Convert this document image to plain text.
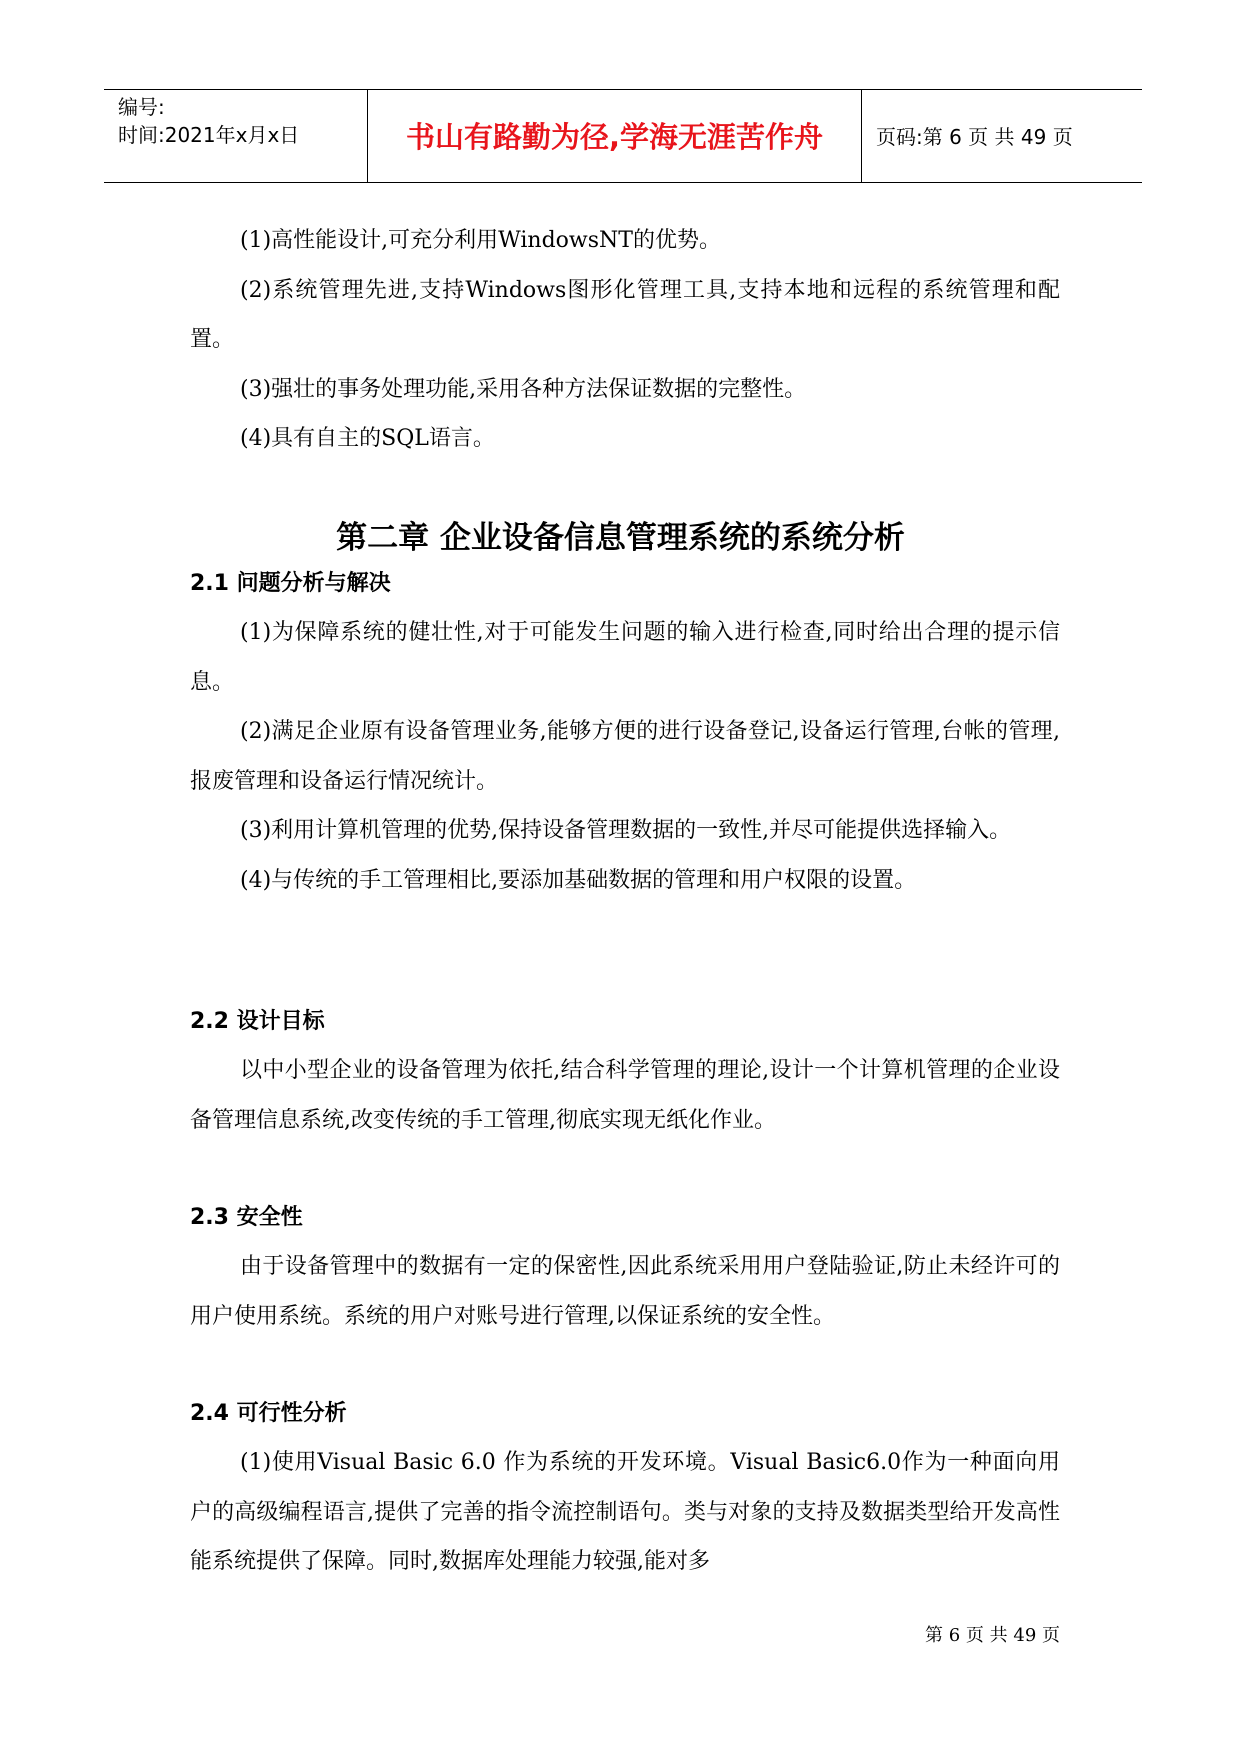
编号:
时间:2021年x月x日	书山有路勤为径,学海无涯苦作舟	页码:第 6 页 共 49 页

(1)高性能设计,可充分利用WindowsNT的优势。

(2)系统管理先进,支持Windows图形化管理工具,支持本地和远程的系统管理和配置。

(3)强壮的事务处理功能,采用各种方法保证数据的完整性。

(4)具有自主的SQL语言。

第二章 企业设备信息管理系统的系统分析
2.1 问题分析与解决

(1)为保障系统的健壮性,对于可能发生问题的输入进行检查,同时给出合理的提示信息。

(2)满足企业原有设备管理业务,能够方便的进行设备登记,设备运行管理,台帐的管理,报废管理和设备运行情况统计。

(3)利用计算机管理的优势,保持设备管理数据的一致性,并尽可能提供选择输入。

(4)与传统的手工管理相比,要添加基础数据的管理和用户权限的设置。

2.2 设计目标

以中小型企业的设备管理为依托,结合科学管理的理论,设计一个计算机管理的企业设备管理信息系统,改变传统的手工管理,彻底实现无纸化作业。

2.3 安全性

由于设备管理中的数据有一定的保密性,因此系统采用用户登陆验证,防止未经许可的用户使用系统。系统的用户对账号进行管理,以保证系统的安全性。

2.4 可行性分析

(1)使用Visual Basic 6.0 作为系统的开发环境。Visual Basic6.0作为一种面向用户的高级编程语言,提供了完善的指令流控制语句。类与对象的支持及数据类型给开发高性能系统提供了保障。同时,数据库处理能力较强,能对多

第 6 页 共 49 页
